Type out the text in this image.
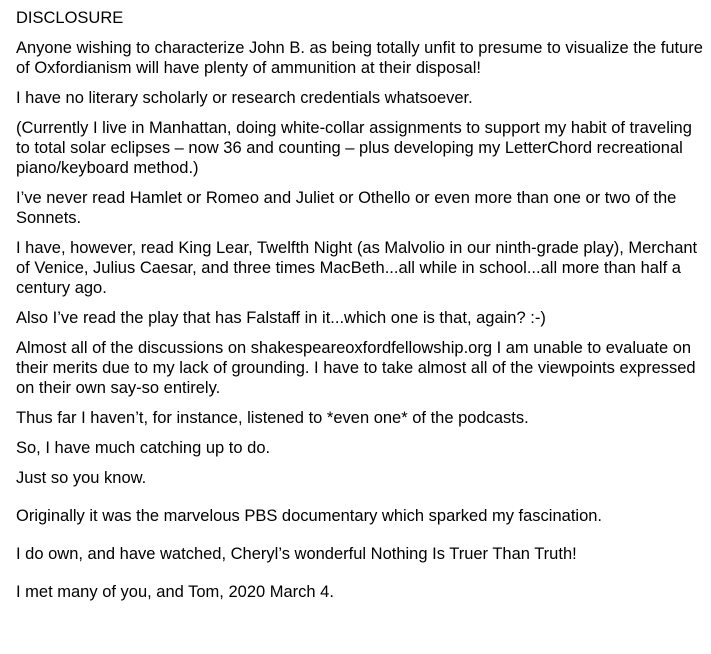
DISCLOSURE

Anyone wishing to characterize John B. as being totally unfit to presume to visualize the future of Oxfordianism will have plenty of ammunition at their disposal!

I have no literary scholarly or research credentials whatsoever.

(Currently I live in Manhattan, doing white-collar assignments to support my habit of traveling to total solar eclipses – now 36 and counting – plus developing my LetterChord recreational piano/keyboard method.)

I’ve never read Hamlet or Romeo and Juliet or Othello or even more than one or two of the Sonnets.

I have, however, read King Lear, Twelfth Night (as Malvolio in our ninth-grade play), Merchant of Venice, Julius Caesar, and three times MacBeth...all while in school...all more than half a century ago.

Also I’ve read the play that has Falstaff in it...which one is that, again? :-)

Almost all of the discussions on shakespeareoxfordfellowship.org I am unable to evaluate on their merits due to my lack of grounding. I have to take almost all of the viewpoints expressed on their own say-so entirely.

Thus far I haven’t, for instance, listened to *even one* of the podcasts.

So, I have much catching up to do.

Just so you know.

Originally it was the marvelous PBS documentary which sparked my fascination.

I do own, and have watched, Cheryl’s wonderful Nothing Is Truer Than Truth!

I met many of you, and Tom, 2020 March 4.
